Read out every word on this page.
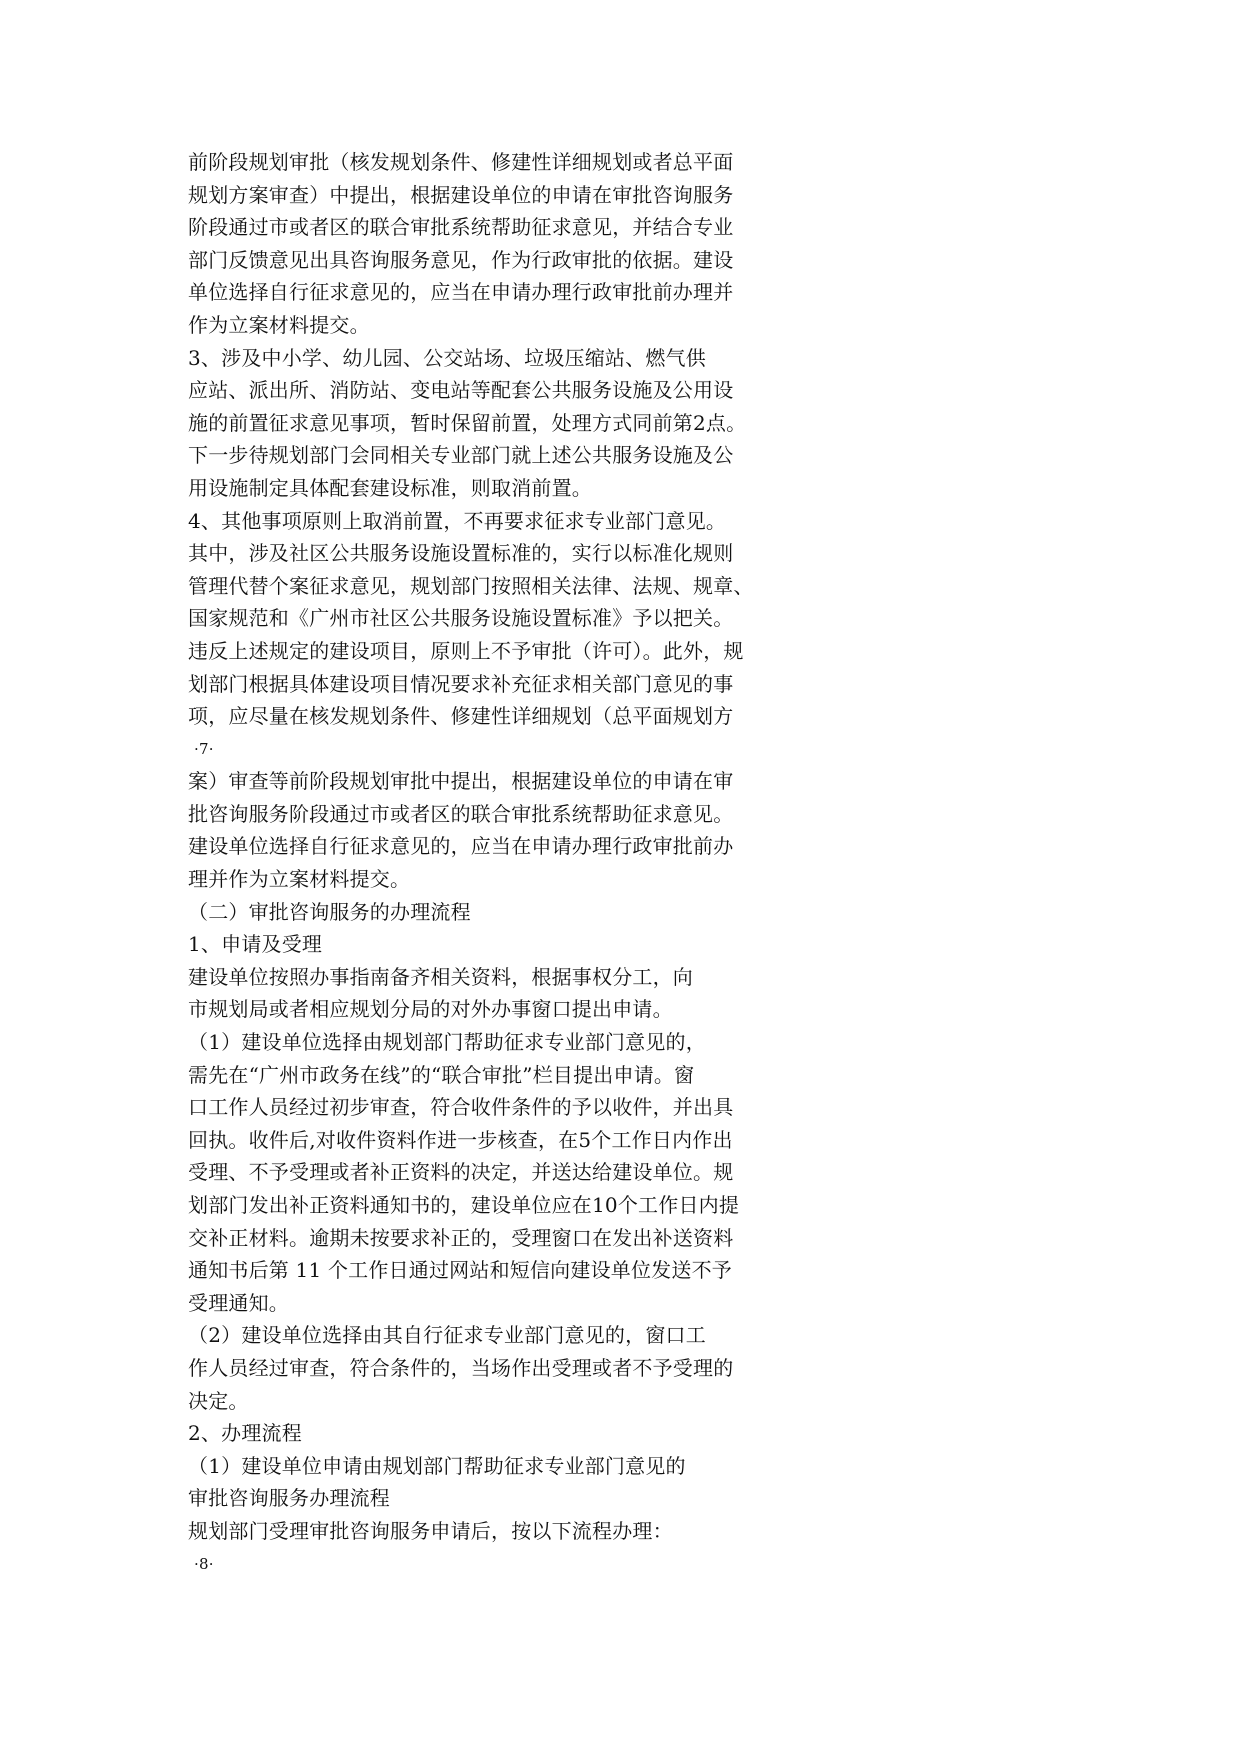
前阶段规划审批（核发规划条件、修建性详细规划或者总平面
规划方案审查）中提出，根据建设单位的申请在审批咨询服务
阶段通过市或者区的联合审批系统帮助征求意见，并结合专业
部门反馈意见出具咨询服务意见，作为行政审批的依据。建设
单位选择自行征求意见的，应当在申请办理行政审批前办理并
作为立案材料提交。
3、涉及中小学、幼儿园、公交站场、垃圾压缩站、燃气供
应站、派出所、消防站、变电站等配套公共服务设施及公用设
施的前置征求意见事项，暂时保留前置，处理方式同前第2点。
下一步待规划部门会同相关专业部门就上述公共服务设施及公
用设施制定具体配套建设标准，则取消前置。
4、其他事项原则上取消前置，不再要求征求专业部门意见。
其中，涉及社区公共服务设施设置标准的，实行以标准化规则
管理代替个案征求意见，规划部门按照相关法律、法规、规章、
国家规范和《广州市社区公共服务设施设置标准》予以把关。
违反上述规定的建设项目，原则上不予审批（许可）。此外，规
划部门根据具体建设项目情况要求补充征求相关部门意见的事
项，应尽量在核发规划条件、修建性详细规划（总平面规划方
·7·
案）审查等前阶段规划审批中提出，根据建设单位的申请在审
批咨询服务阶段通过市或者区的联合审批系统帮助征求意见。
建设单位选择自行征求意见的，应当在申请办理行政审批前办
理并作为立案材料提交。
（二）审批咨询服务的办理流程
1、申请及受理
建设单位按照办事指南备齐相关资料，根据事权分工，向
市规划局或者相应规划分局的对外办事窗口提出申请。
（1）建设单位选择由规划部门帮助征求专业部门意见的，
需先在“广州市政务在线”的“联合审批”栏目提出申请。窗
口工作人员经过初步审查，符合收件条件的予以收件，并出具
回执。收件后,对收件资料作进一步核查，在5个工作日内作出
受理、不予受理或者补正资料的决定，并送达给建设单位。规
划部门发出补正资料通知书的，建设单位应在10个工作日内提
交补正材料。逾期未按要求补正的，受理窗口在发出补送资料
通知书后第 11 个工作日通过网站和短信向建设单位发送不予
受理通知。
（2）建设单位选择由其自行征求专业部门意见的，窗口工
作人员经过审查，符合条件的，当场作出受理或者不予受理的
决定。
2、办理流程
（1）建设单位申请由规划部门帮助征求专业部门意见的
审批咨询服务办理流程
规划部门受理审批咨询服务申请后，按以下流程办理：
·8·
